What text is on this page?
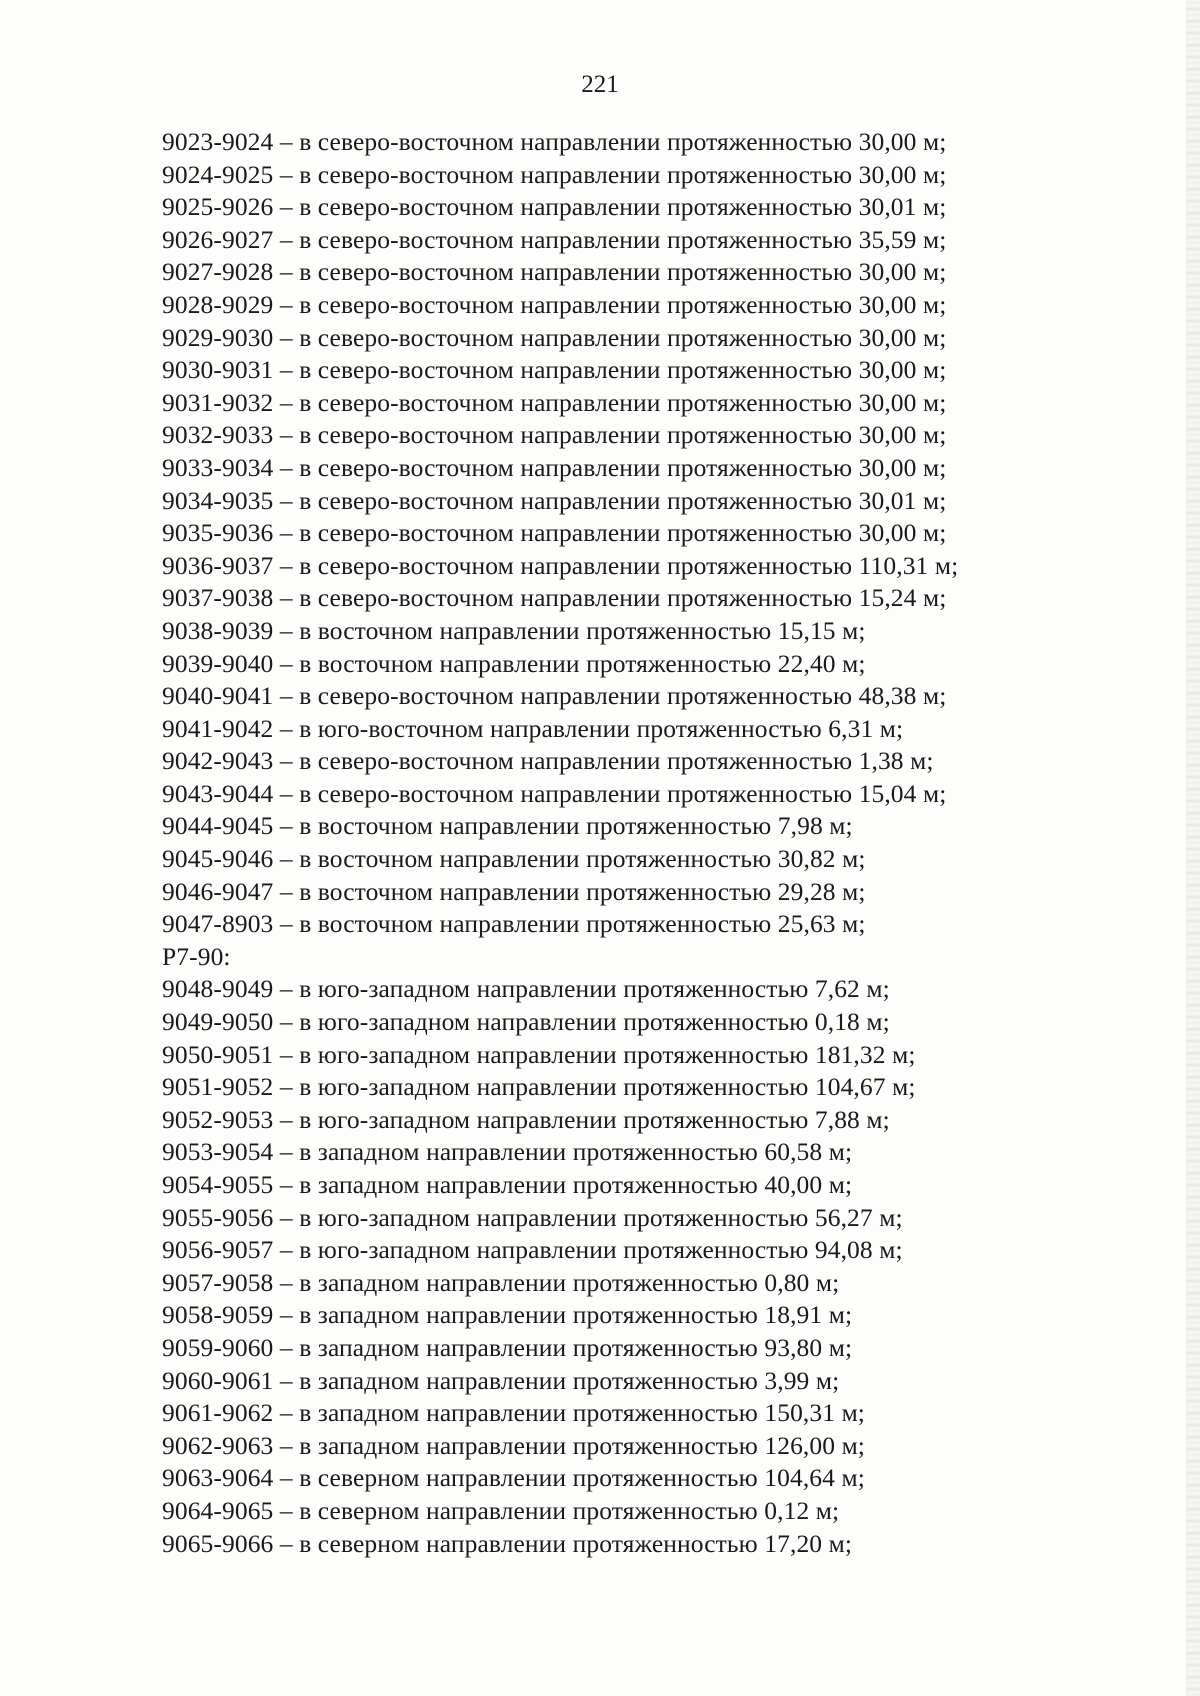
221
9023-9024 – в северо-восточном направлении протяженностью 30,00 м;
9024-9025 – в северо-восточном направлении протяженностью 30,00 м;
9025-9026 – в северо-восточном направлении протяженностью 30,01 м;
9026-9027 – в северо-восточном направлении протяженностью 35,59 м;
9027-9028 – в северо-восточном направлении протяженностью 30,00 м;
9028-9029 – в северо-восточном направлении протяженностью 30,00 м;
9029-9030 – в северо-восточном направлении протяженностью 30,00 м;
9030-9031 – в северо-восточном направлении протяженностью 30,00 м;
9031-9032 – в северо-восточном направлении протяженностью 30,00 м;
9032-9033 – в северо-восточном направлении протяженностью 30,00 м;
9033-9034 – в северо-восточном направлении протяженностью 30,00 м;
9034-9035 – в северо-восточном направлении протяженностью 30,01 м;
9035-9036 – в северо-восточном направлении протяженностью 30,00 м;
9036-9037 – в северо-восточном направлении протяженностью 110,31 м;
9037-9038 – в северо-восточном направлении протяженностью 15,24 м;
9038-9039 – в восточном направлении протяженностью 15,15 м;
9039-9040 – в восточном направлении протяженностью 22,40 м;
9040-9041 – в северо-восточном направлении протяженностью 48,38 м;
9041-9042 – в юго-восточном направлении протяженностью 6,31 м;
9042-9043 – в северо-восточном направлении протяженностью 1,38 м;
9043-9044 – в северо-восточном направлении протяженностью 15,04 м;
9044-9045 – в восточном направлении протяженностью 7,98 м;
9045-9046 – в восточном направлении протяженностью 30,82 м;
9046-9047 – в восточном направлении протяженностью 29,28 м;
9047-8903 – в восточном направлении протяженностью 25,63 м;
Р7-90:
9048-9049 – в юго-западном направлении протяженностью 7,62 м;
9049-9050 – в юго-западном направлении протяженностью 0,18 м;
9050-9051 – в юго-западном направлении протяженностью 181,32 м;
9051-9052 – в юго-западном направлении протяженностью 104,67 м;
9052-9053 – в юго-западном направлении протяженностью 7,88 м;
9053-9054 – в западном направлении протяженностью 60,58 м;
9054-9055 – в западном направлении протяженностью 40,00 м;
9055-9056 – в юго-западном направлении протяженностью 56,27 м;
9056-9057 – в юго-западном направлении протяженностью 94,08 м;
9057-9058 – в западном направлении протяженностью 0,80 м;
9058-9059 – в западном направлении протяженностью 18,91 м;
9059-9060 – в западном направлении протяженностью 93,80 м;
9060-9061 – в западном направлении протяженностью 3,99 м;
9061-9062 – в западном направлении протяженностью 150,31 м;
9062-9063 – в западном направлении протяженностью 126,00 м;
9063-9064 – в северном направлении протяженностью 104,64 м;
9064-9065 – в северном направлении протяженностью 0,12 м;
9065-9066 – в северном направлении протяженностью 17,20 м;
